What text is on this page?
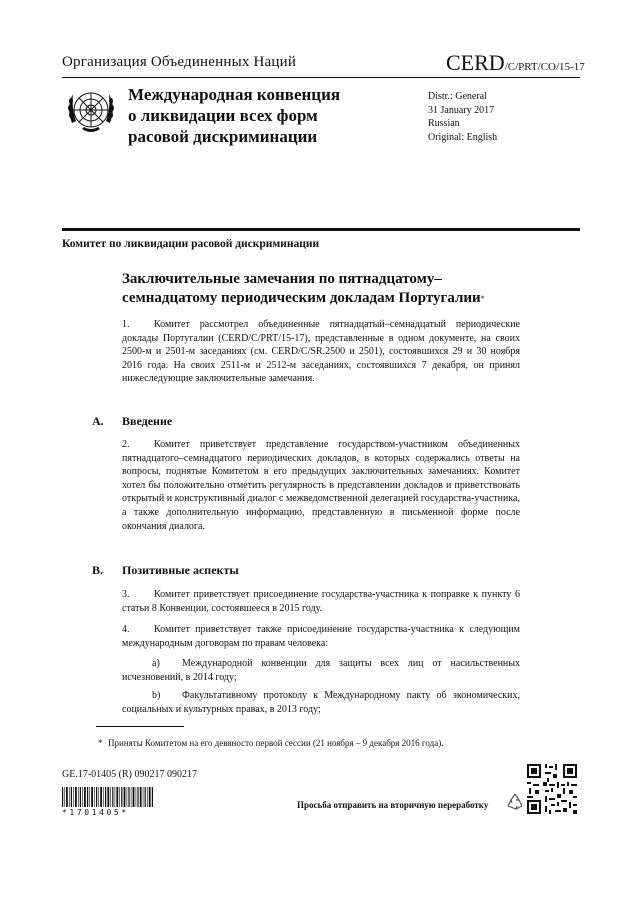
Организация Объединенных Наций	CERD/C/PRT/CO/15-17
Международная конвенция
о ликвидации всех форм
расовой дискриминации
Distr.: General
31 January 2017
Russian
Original: English
Комитет по ликвидации расовой дискриминации
Заключительные замечания по пятнадцатому–
семнадцатому периодическим докладам Португалии*
1. Комитет рассмотрел объединенные пятнадцатый–семнадцатый периодические доклады Португалии (CERD/C/PRT/15-17), представленные в одном документе, на своих 2500-м и 2501-м заседаниях (см. CERD/C/SR.2500 и 2501), состоявшихся 29 и 30 ноября 2016 года. На своих 2511-м и 2512-м заседаниях, состоявшихся 7 декабря, он принял нижеследующие заключительные замечания.
A. Введение
2. Комитет приветствует представление государством-участником объединенных пятнадцатого–семнадцатого периодических докладов, в которых содержались ответы на вопросы, поднятые Комитетом в его предыдущих заключительных замечаниях. Комитет хотел бы положительно отметить регулярность в представлении докладов и приветствовать открытый и конструктивный диалог с межведомственной делегацией государства-участника, а также дополнительную информацию, представленную в письменной форме после окончания диалога.
B. Позитивные аспекты
3. Комитет приветствует присоединение государства-участника к поправке к пункту 6 статьи 8 Конвенции, состоявшееся в 2015 году.
4. Комитет приветствует также присоединение государства-участника к следующим международным договорам по правам человека:
a) Международной конвенции для защиты всех лиц от насильственных исчезновений, в 2014 году;
b) Факультативному протоколу к Международному пакту об экономических, социальных и культурных правах, в 2013 году;
* Приняты Комитетом на его девяносто первой сессии (21 ноября – 9 декабря 2016 года).
GE.17-01405 (R) 090217 090217
*1701405*
Просьба отправить на вторичную переработку
